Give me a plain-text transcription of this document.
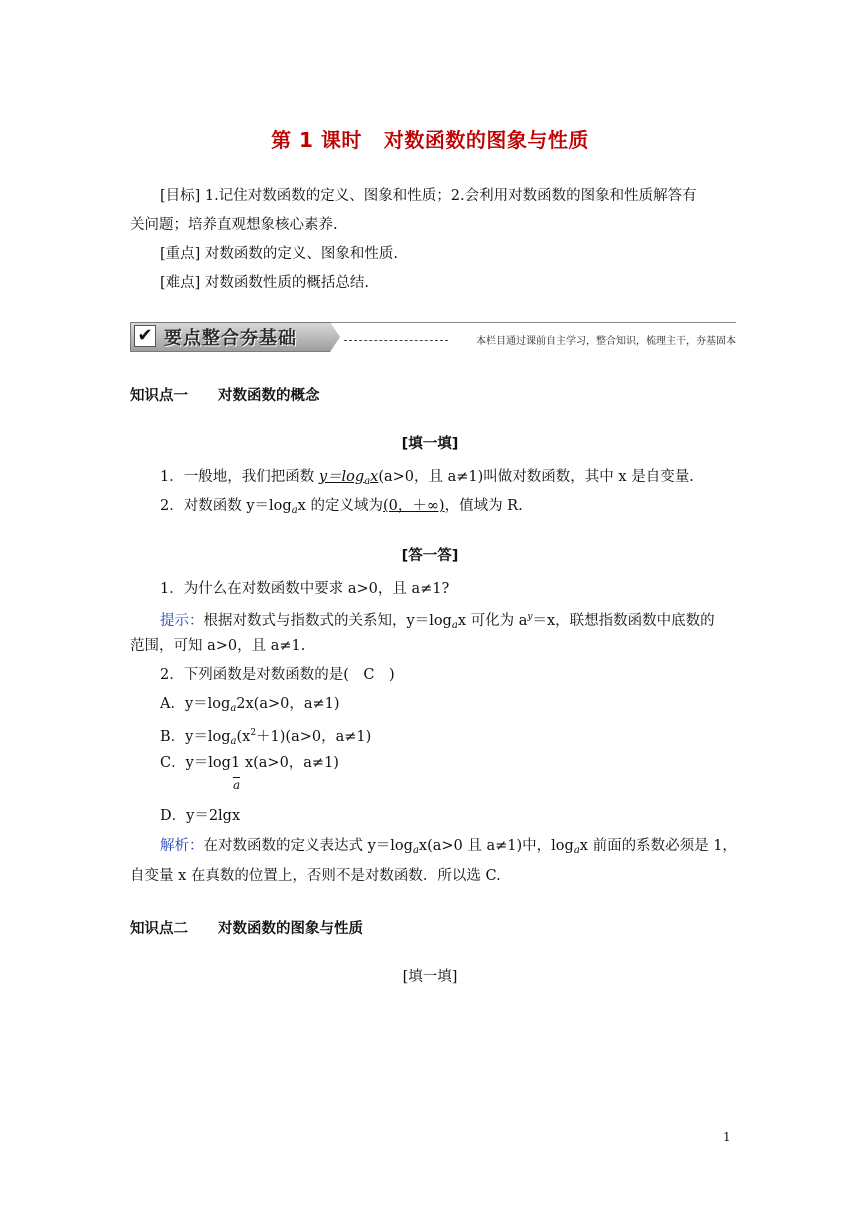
第 1 课时 对数函数的图象与性质
[目标] 1.记住对数函数的定义、图象和性质；2.会利用对数函数的图象和性质解答有
关问题；培养直观想象核心素养.
[重点] 对数函数的定义、图象和性质.
[难点] 对数函数性质的概括总结.
✔ 要点整合夯基础	本栏目通过课前自主学习，整合知识，梳理主干，夯基固本
知识点一 对数函数的概念
[填一填]
1．一般地，我们把函数 $y=\log_ax(a>0$，且 a≠1)叫做对数函数，其中 x 是自变量.
2．对数函数 $y=\log_ax$ 的定义域为(0，＋∞)，值域为 R.
[答一答]
1．为什么在对数函数中要求 a>0，且 a≠1?
提示：根据对数式与指数式的关系知，$y=\log_ax$ 可化为 $a^y=x$，联想指数函数中底数的
范围，可知 a>0，且 a≠1.
2．下列函数是对数函数的是(　C　)
A．$y=\log_a2x(a>0$，a≠1)
B．$y=\log_a(x^2+1)(a>0$，a≠1)
C．$y=\log\frac{1}{a} x(a>0$，a≠1)
D．y＝2lgx
解析：在对数函数的定义表达式 $y=\log_ax(a>0$ 且 a≠1)中，$\log_ax$ 前面的系数必须是 1，
自变量 x 在真数的位置上，否则不是对数函数．所以选 C.
知识点二 对数函数的图象与性质
[填一填]
1
